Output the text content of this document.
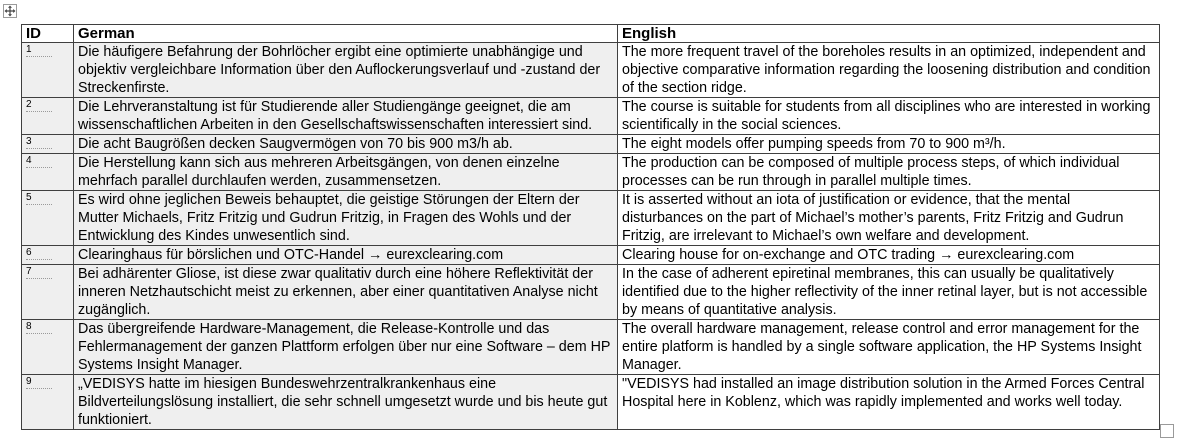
ID	German	English
1	Die häufigere Befahrung der Bohrlöcher ergibt eine optimierte unabhängige und objektiv vergleichbare Information über den Auflockerungsverlauf und -zustand der Streckenfirste.	The more frequent travel of the boreholes results in an optimized, independent and objective comparative information regarding the loosening distribution and condition of the section ridge.
2	Die Lehrveranstaltung ist für Studierende aller Studiengänge geeignet, die am wissenschaftlichen Arbeiten in den Gesellschaftswissenschaften interessiert sind.	The course is suitable for students from all disciplines who are interested in working scientifically in the social sciences.
3	Die acht Baugrößen decken Saugvermögen von 70 bis 900 m3/h ab.	The eight models offer pumping speeds from 70 to 900 m³/h.
4	Die Herstellung kann sich aus mehreren Arbeitsgängen, von denen einzelne mehrfach parallel durchlaufen werden, zusammensetzen.	The production can be composed of multiple process steps, of which individual processes can be run through in parallel multiple times.
5	Es wird ohne jeglichen Beweis behauptet, die geistige Störungen der Eltern der Mutter Michaels, Fritz Fritzig und Gudrun Fritzig, in Fragen des Wohls und der Entwicklung des Kindes unwesentlich sind.	It is asserted without an iota of justification or evidence, that the mental disturbances on the part of Michael’s mother’s parents, Fritz Fritzig and Gudrun Fritzig, are irrelevant to Michael’s own welfare and development.
6	Clearinghaus für börslichen und OTC-Handel → eurexclearing.com	Clearing house for on-exchange and OTC trading → eurexclearing.com
7	Bei adhärenter Gliose, ist diese zwar qualitativ durch eine höhere Reflektivität der inneren Netzhautschicht meist zu erkennen, aber einer quantitativen Analyse nicht zugänglich.	In the case of adherent epiretinal membranes, this can usually be qualitatively identified due to the higher reflectivity of the inner retinal layer, but is not accessible by means of quantitative analysis.
8	Das übergreifende Hardware-Management, die Release-Kontrolle und das Fehlermanagement der ganzen Plattform erfolgen über nur eine Software – dem HP Systems Insight Manager.	The overall hardware management, release control and error management for the entire platform is handled by a single software application, the HP Systems Insight Manager.
9	„VEDISYS hatte im hiesigen Bundeswehrzentralkrankenhaus eine Bildverteilungslösung installiert, die sehr schnell umgesetzt wurde und bis heute gut funktioniert.	"VEDISYS had installed an image distribution solution in the Armed Forces Central Hospital here in Koblenz, which was rapidly implemented and works well today.
